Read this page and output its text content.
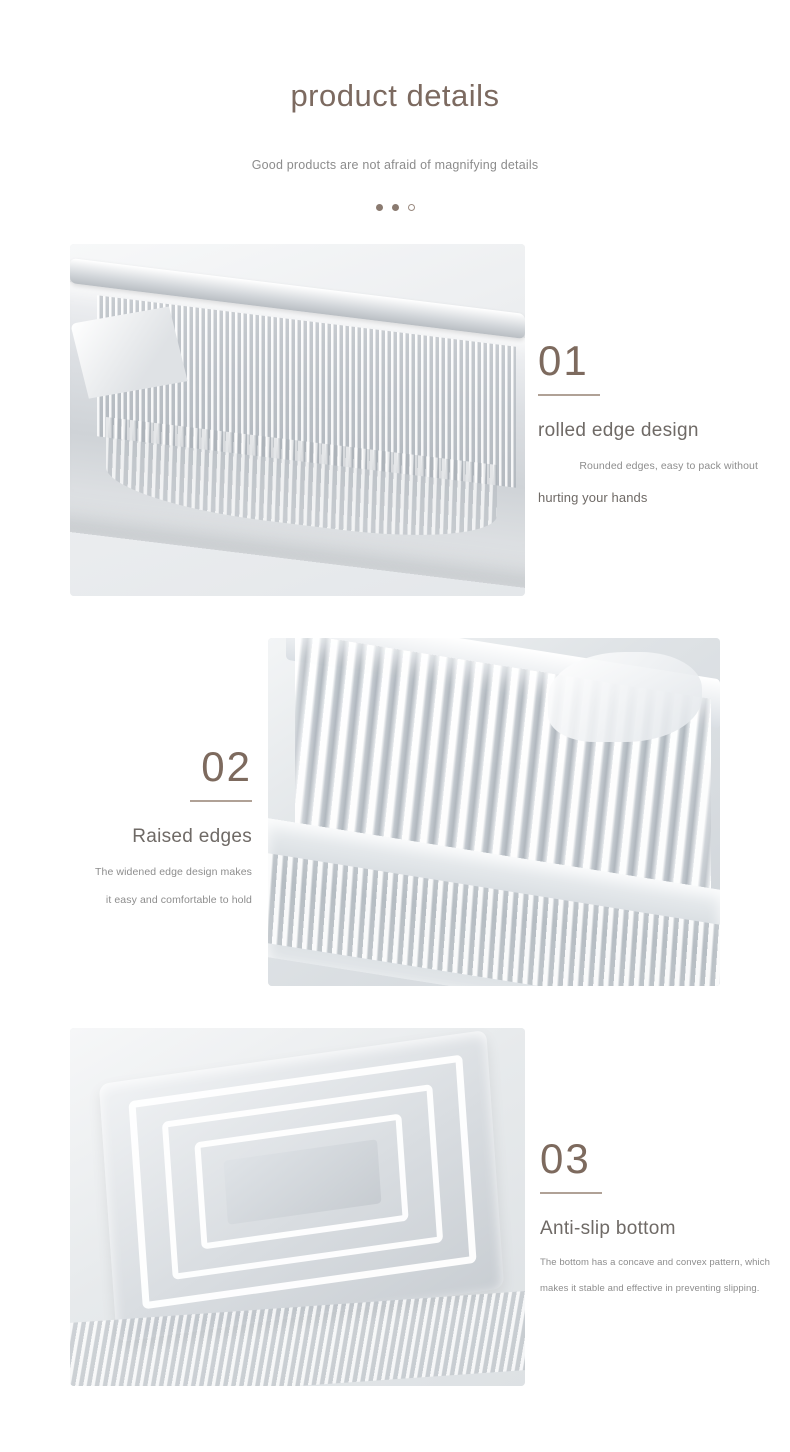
product details
Good products are not afraid of magnifying details
01
rolled edge design
Rounded edges, easy to pack without
hurting your hands
02
Raised edges
The widened edge design makes
it easy and comfortable to hold
03
Anti-slip bottom
The bottom has a concave and convex pattern, which
makes it stable and effective in preventing slipping.
